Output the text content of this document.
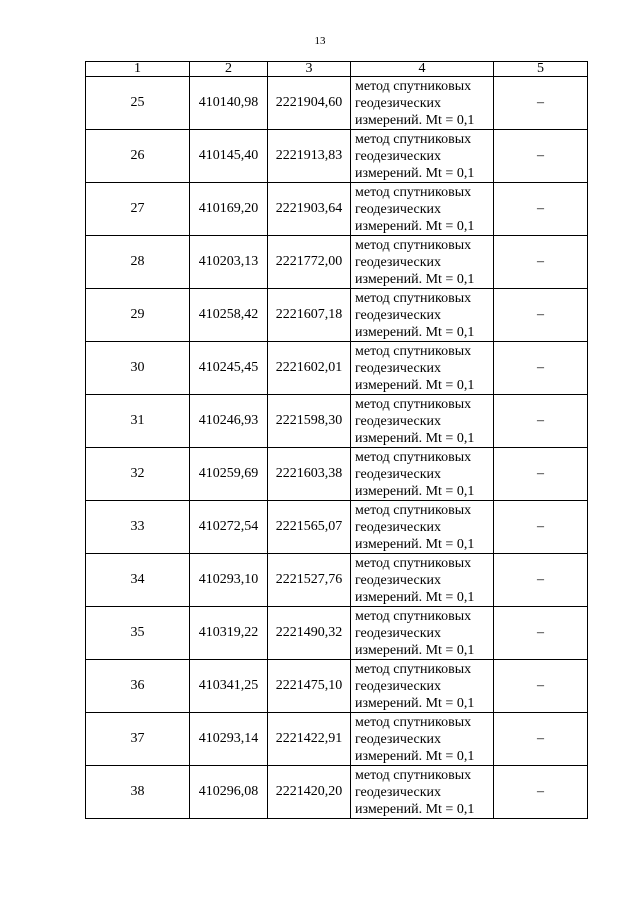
13
1	2	3	4	5
25	410140,98	2221904,60	метод спутниковых
геодезических
измерений. Mt = 0,1	–
26	410145,40	2221913,83	метод спутниковых
геодезических
измерений. Mt = 0,1	–
27	410169,20	2221903,64	метод спутниковых
геодезических
измерений. Mt = 0,1	–
28	410203,13	2221772,00	метод спутниковых
геодезических
измерений. Mt = 0,1	–
29	410258,42	2221607,18	метод спутниковых
геодезических
измерений. Mt = 0,1	–
30	410245,45	2221602,01	метод спутниковых
геодезических
измерений. Mt = 0,1	–
31	410246,93	2221598,30	метод спутниковых
геодезических
измерений. Mt = 0,1	–
32	410259,69	2221603,38	метод спутниковых
геодезических
измерений. Mt = 0,1	–
33	410272,54	2221565,07	метод спутниковых
геодезических
измерений. Mt = 0,1	–
34	410293,10	2221527,76	метод спутниковых
геодезических
измерений. Mt = 0,1	–
35	410319,22	2221490,32	метод спутниковых
геодезических
измерений. Mt = 0,1	–
36	410341,25	2221475,10	метод спутниковых
геодезических
измерений. Mt = 0,1	–
37	410293,14	2221422,91	метод спутниковых
геодезических
измерений. Mt = 0,1	–
38	410296,08	2221420,20	метод спутниковых
геодезических
измерений. Mt = 0,1	–
